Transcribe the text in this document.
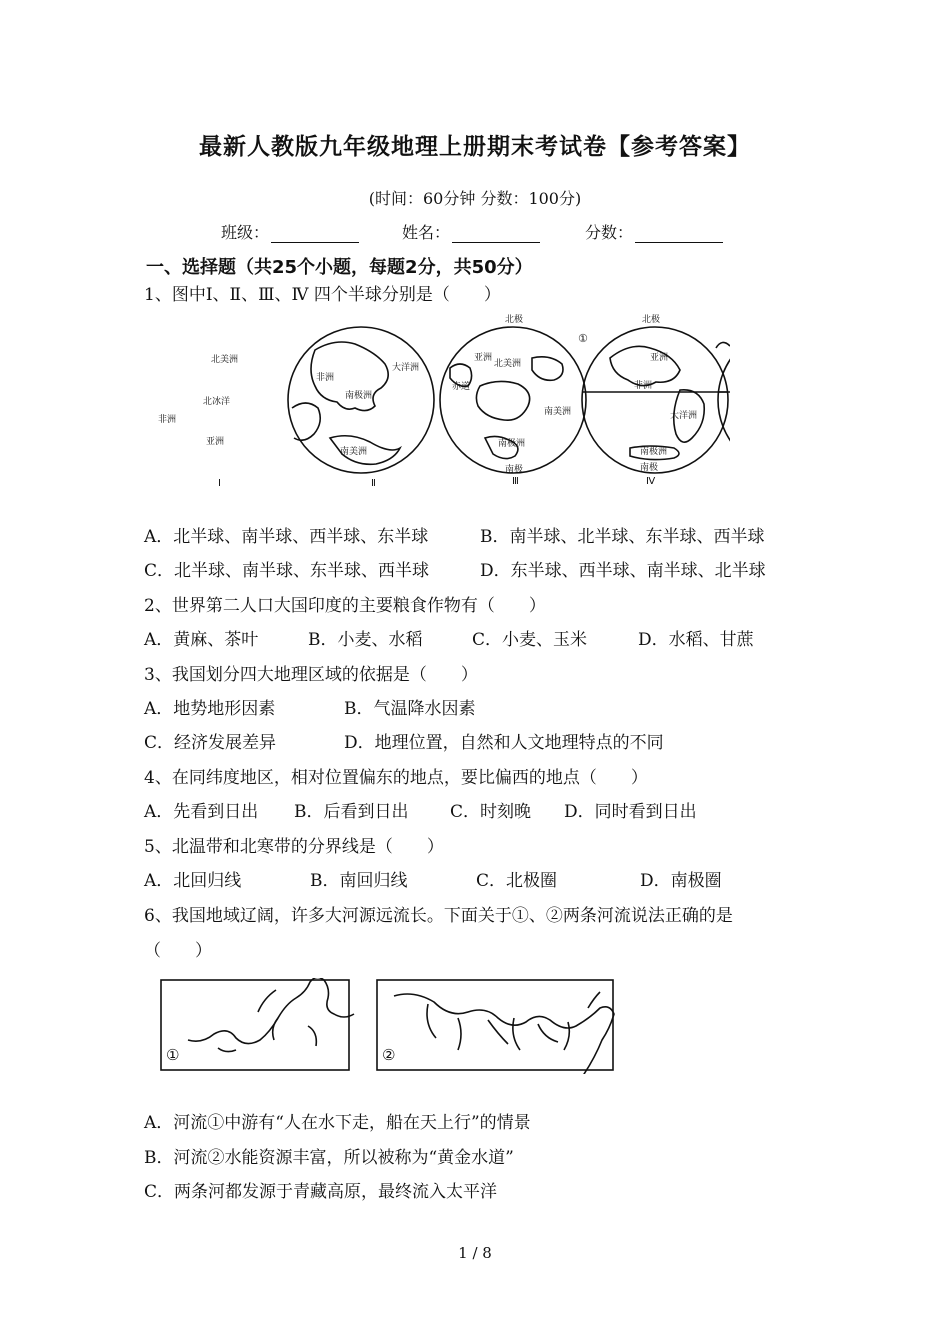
最新人教版九年级地理上册期末考试卷【参考答案】
(时间：60分钟 分数：100分)
班级：	姓名：	分数：
一、选择题（共25个小题，每题2分，共50分）
1、图中Ⅰ、Ⅱ、Ⅲ、Ⅳ 四个半球分别是（　　）
北美洲
非洲
北冰洋
亚洲
Ⅰ
非洲
大洋洲
南极洲
南美洲
Ⅱ
北极
亚洲
北美洲
赤道
南美洲
南极洲
南极
Ⅲ
北极
①
亚洲
非洲
大洋洲
南极洲
南极
Ⅳ
A．北半球、南半球、西半球、东半球	B．南半球、北半球、东半球、西半球
C．北半球、南半球、东半球、西半球	D．东半球、西半球、南半球、北半球
2、世界第二人口大国印度的主要粮食作物有（　　）
A．黄麻、茶叶	B．小麦、水稻	C．小麦、玉米	D．水稻、甘蔗
3、我国划分四大地理区域的依据是（　　）
A．地势地形因素	B．气温降水因素
C．经济发展差异	D．地理位置，自然和人文地理特点的不同
4、在同纬度地区，相对位置偏东的地点，要比偏西的地点（　　）
A．先看到日出 B．后看到日出 C．时刻晚 D．同时看到日出
5、北温带和北寒带的分界线是（　　）
A．北回归线	B．南回归线	C．北极圈	D．南极圈
6、我国地域辽阔，许多大河源远流长。下面关于①、②两条河流说法正确的是
（　　）
①	②
A．河流①中游有“人在水下走，船在天上行”的情景
B．河流②水能资源丰富，所以被称为“黄金水道”
C．两条河都发源于青藏高原，最终流入太平洋
1 / 8
